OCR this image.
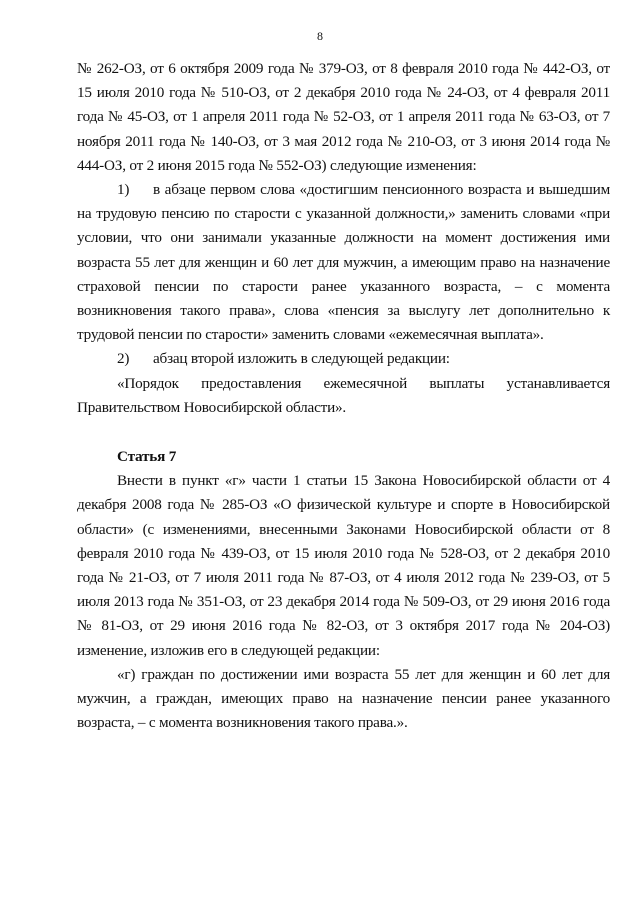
8

№ 262-ОЗ, от 6 октября 2009 года № 379-ОЗ, от 8 февраля 2010 года № 442-ОЗ, от 15 июля 2010 года № 510-ОЗ, от 2 декабря 2010 года № 24-ОЗ, от 4 февраля 2011 года № 45-ОЗ, от 1 апреля 2011 года № 52-ОЗ, от 1 апреля 2011 года № 63-ОЗ, от 7 ноября 2011 года № 140-ОЗ, от 3 мая 2012 года № 210-ОЗ, от 3 июня 2014 года № 444-ОЗ, от 2 июня 2015 года № 552-ОЗ) следующие изменения:

1) в абзаце первом слова «достигшим пенсионного возраста и вышедшим на трудовую пенсию по старости с указанной должности,» заменить словами «при условии, что они занимали указанные должности на момент достижения ими возраста 55 лет для женщин и 60 лет для мужчин, а имеющим право на назначение страховой пенсии по старости ранее указанного возраста, – с момента возникновения такого права», слова «пенсия за выслугу лет дополнительно к трудовой пенсии по старости» заменить словами «ежемесячная выплата».

2) абзац второй изложить в следующей редакции:

«Порядок предоставления ежемесячной выплаты устанавливается Правительством Новосибирской области».

Статья 7

Внести в пункт «г» части 1 статьи 15 Закона Новосибирской области от 4 декабря 2008 года № 285-ОЗ «О физической культуре и спорте в Новосибирской области» (с изменениями, внесенными Законами Новосибирской области от 8 февраля 2010 года № 439-ОЗ, от 15 июля 2010 года № 528-ОЗ, от 2 декабря 2010 года № 21-ОЗ, от 7 июля 2011 года № 87-ОЗ, от 4 июля 2012 года № 239-ОЗ, от 5 июля 2013 года № 351-ОЗ, от 23 декабря 2014 года № 509-ОЗ, от 29 июня 2016 года № 81-ОЗ, от 29 июня 2016 года № 82-ОЗ, от 3 октября 2017 года № 204-ОЗ) изменение, изложив его в следующей редакции:

«г) граждан по достижении ими возраста 55 лет для женщин и 60 лет для мужчин, а граждан, имеющих право на назначение пенсии ранее указанного возраста, – с момента возникновения такого права.».
